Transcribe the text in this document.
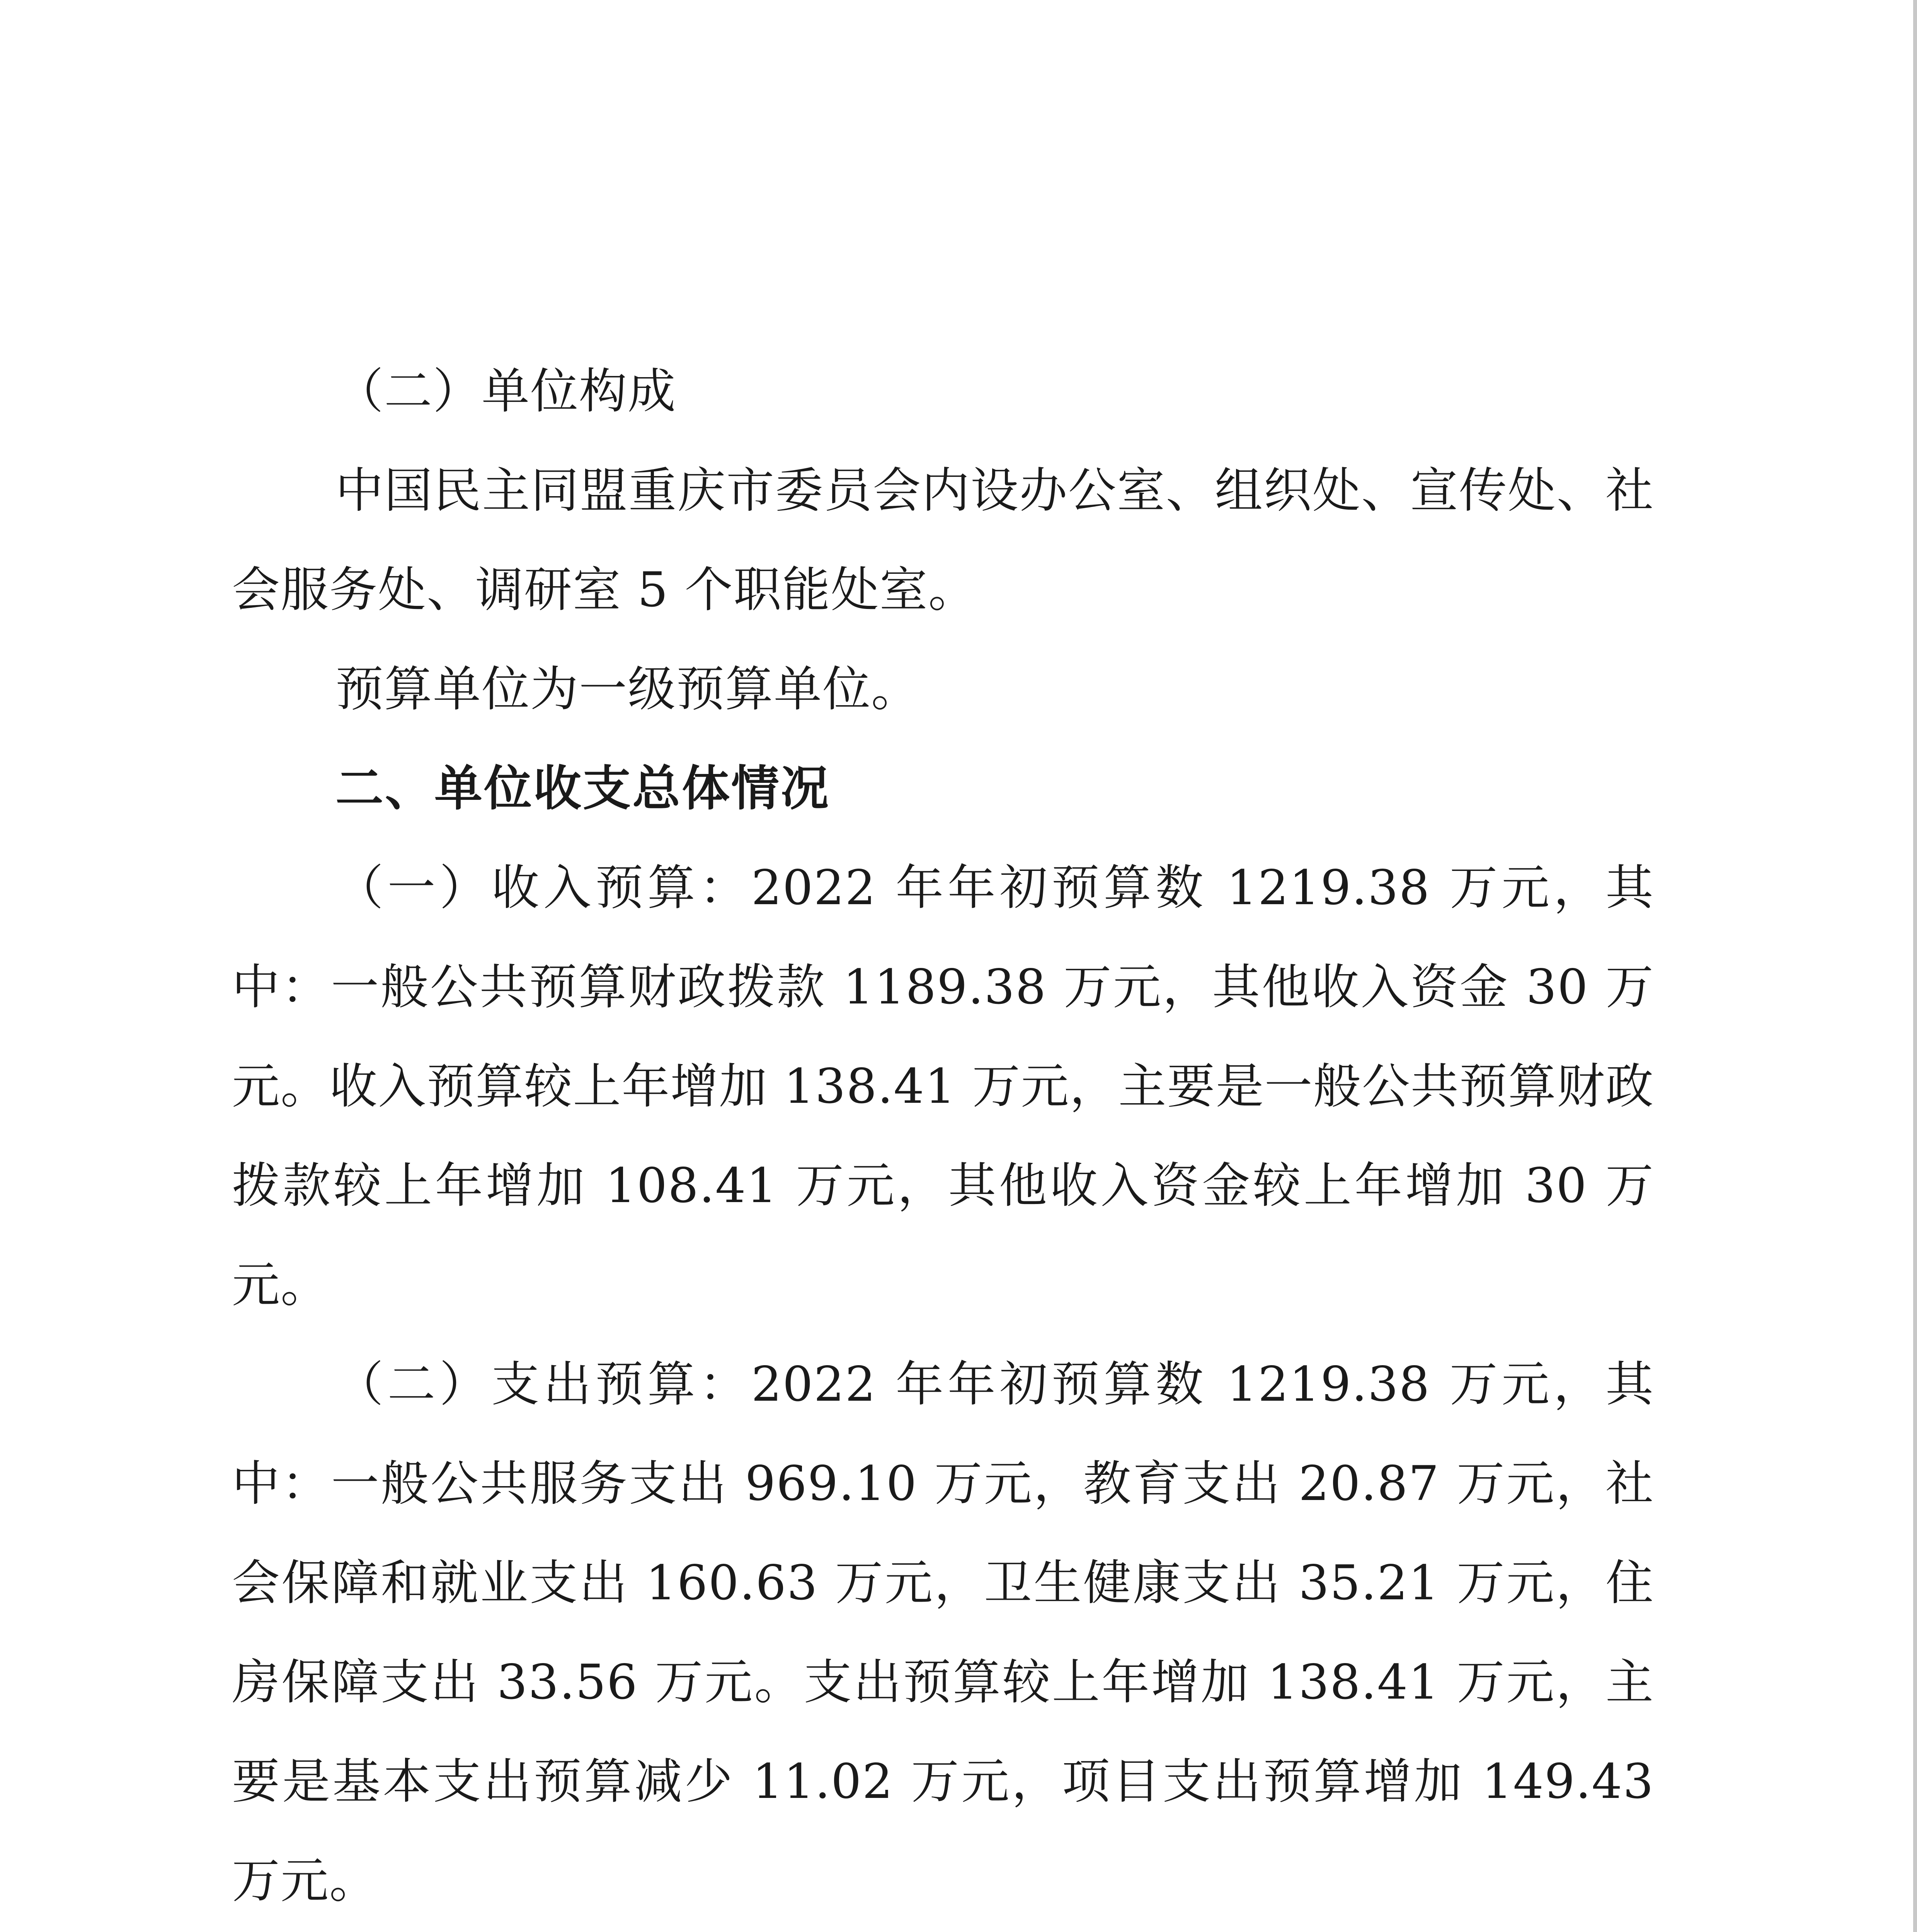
（二）单位构成

中国民主同盟重庆市委员会内设办公室、组织处、宣传处、社会服务处、调研室 5 个职能处室。

预算单位为一级预算单位。

二、单位收支总体情况

（一）收入预算：2022 年年初预算数 1219.38 万元，其中：一般公共预算财政拨款 1189.38 万元，其他收入资金 30 万元。收入预算较上年增加 138.41 万元，主要是一般公共预算财政拨款较上年增加 108.41 万元，其他收入资金较上年增加 30 万元。

（二）支出预算：2022 年年初预算数 1219.38 万元，其中：一般公共服务支出 969.10 万元，教育支出 20.87 万元，社会保障和就业支出 160.63 万元，卫生健康支出 35.21 万元，住房保障支出 33.56 万元。支出预算较上年增加 138.41 万元，主要是基本支出预算减少 11.02 万元，项目支出预算增加 149.43 万元。
